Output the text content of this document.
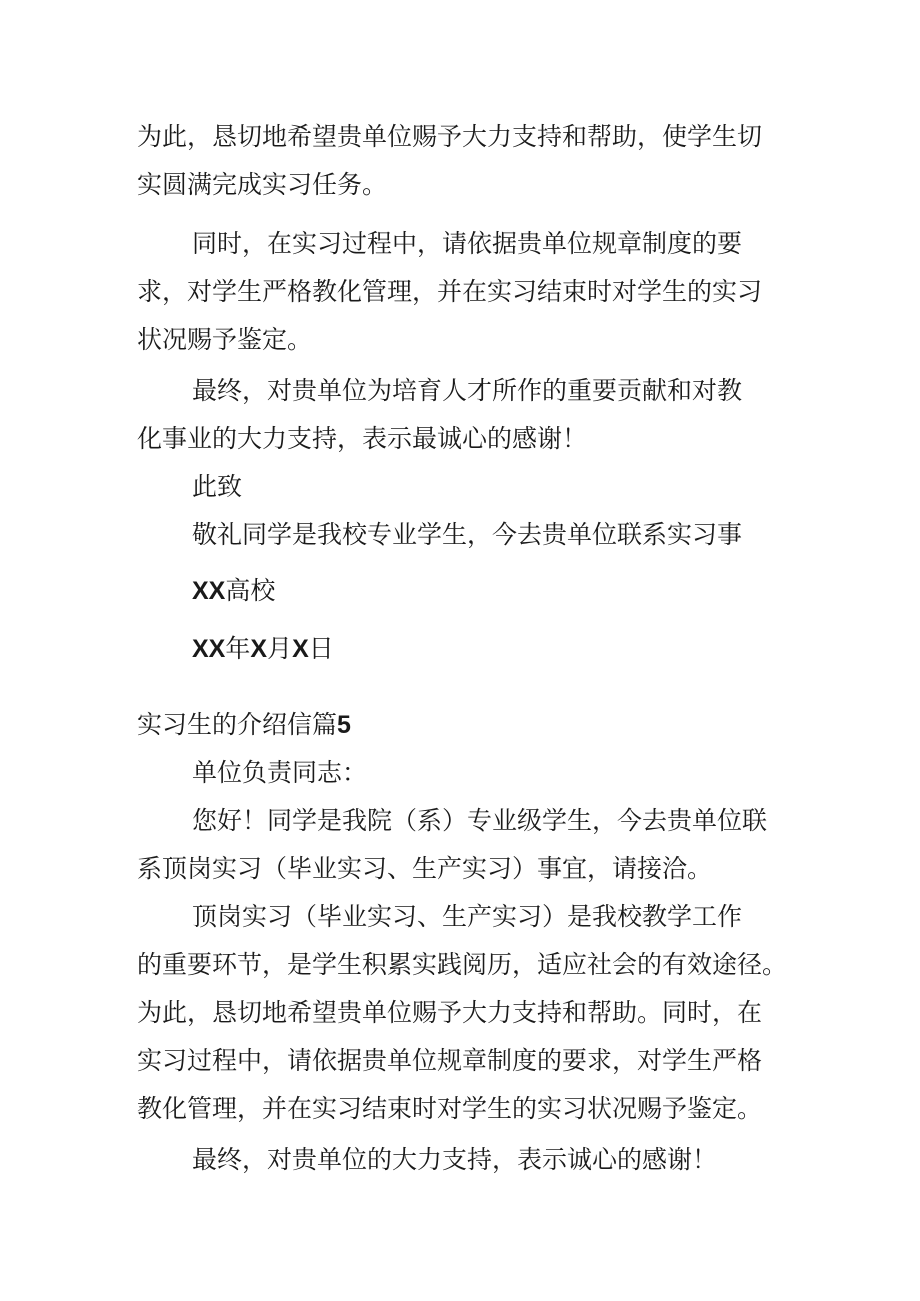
为此，恳切地希望贵单位赐予大力支持和帮助，使学生切
实圆满完成实习任务。
同时，在实习过程中，请依据贵单位规章制度的要
求，对学生严格教化管理，并在实习结束时对学生的实习
状况赐予鉴定。
最终，对贵单位为培育人才所作的重要贡献和对教
化事业的大力支持，表示最诚心的感谢！
此致
敬礼同学是我校专业学生，今去贵单位联系实习事
XX高校
XX年X月X日
实习生的介绍信篇5
单位负责同志：
您好！同学是我院（系）专业级学生，今去贵单位联
系顶岗实习（毕业实习、生产实习）事宜，请接洽。
顶岗实习（毕业实习、生产实习）是我校教学工作
的重要环节，是学生积累实践阅历，适应社会的有效途径。
为此，恳切地希望贵单位赐予大力支持和帮助。同时，在
实习过程中，请依据贵单位规章制度的要求，对学生严格
教化管理，并在实习结束时对学生的实习状况赐予鉴定。
最终，对贵单位的大力支持，表示诚心的感谢！
